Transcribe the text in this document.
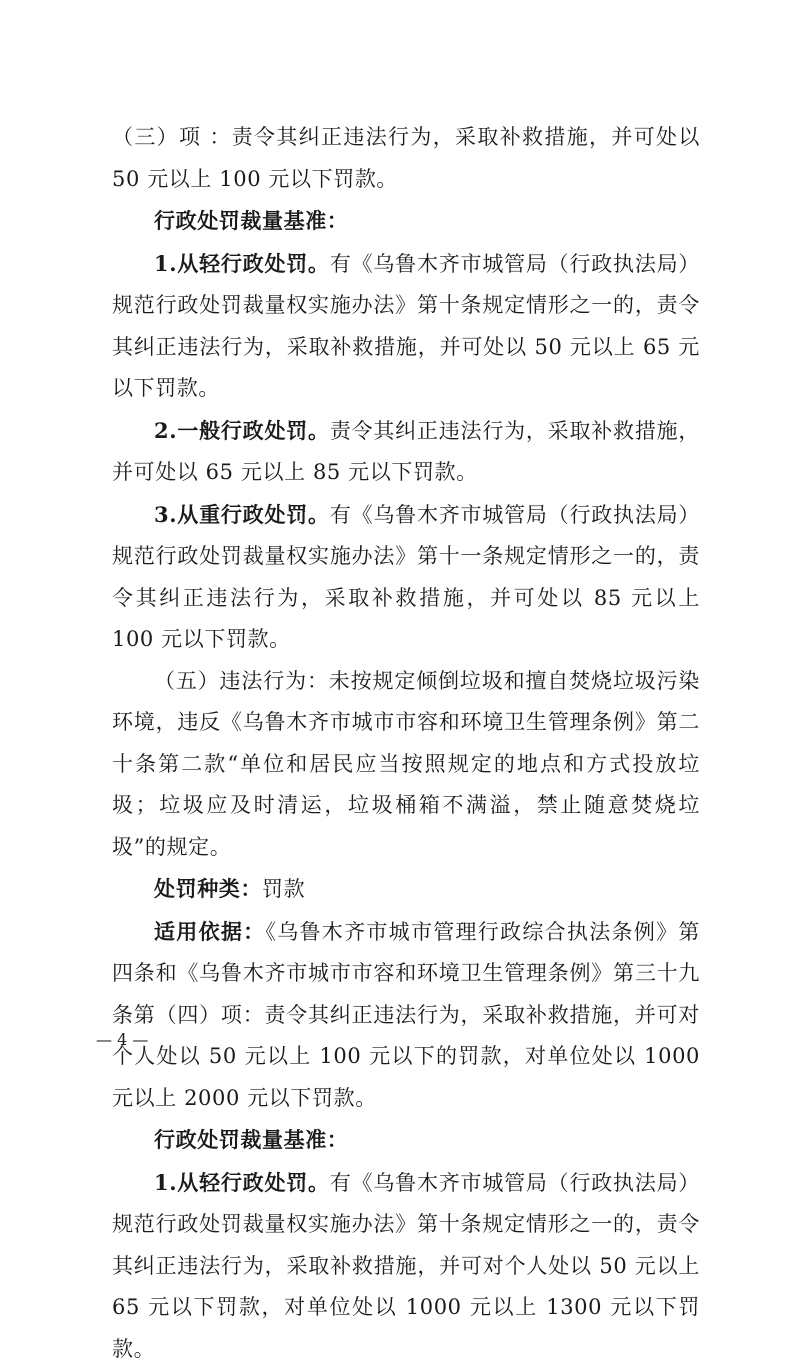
（三）项 ：责令其纠正违法行为，采取补救措施，并可处以 50 元以上 100 元以下罚款。

行政处罚裁量基准：

1.从轻行政处罚。有《乌鲁木齐市城管局（行政执法局）规范行政处罚裁量权实施办法》第十条规定情形之一的，责令其纠正违法行为，采取补救措施，并可处以 50 元以上 65 元以下罚款。

2.一般行政处罚。责令其纠正违法行为，采取补救措施，并可处以 65 元以上 85 元以下罚款。

3.从重行政处罚。有《乌鲁木齐市城管局（行政执法局）规范行政处罚裁量权实施办法》第十一条规定情形之一的，责令其纠正违法行为，采取补救措施，并可处以 85 元以上 100 元以下罚款。

（五）违法行为：未按规定倾倒垃圾和擅自焚烧垃圾污染环境，违反《乌鲁木齐市城市市容和环境卫生管理条例》第二十条第二款“单位和居民应当按照规定的地点和方式投放垃圾；垃圾应及时清运，垃圾桶箱不满溢，禁止随意焚烧垃圾”的规定。

处罚种类：罚款

适用依据：《乌鲁木齐市城市管理行政综合执法条例》第四条和《乌鲁木齐市城市市容和环境卫生管理条例》第三十九条第（四）项：责令其纠正违法行为，采取补救措施，并可对个人处以 50 元以上 100 元以下的罚款，对单位处以 1000 元以上 2000 元以下罚款。

行政处罚裁量基准：

1.从轻行政处罚。有《乌鲁木齐市城管局（行政执法局）规范行政处罚裁量权实施办法》第十条规定情形之一的，责令其纠正违法行为，采取补救措施，并可对个人处以 50 元以上 65 元以下罚款，对单位处以 1000 元以上 1300 元以下罚款。

— 4 —
